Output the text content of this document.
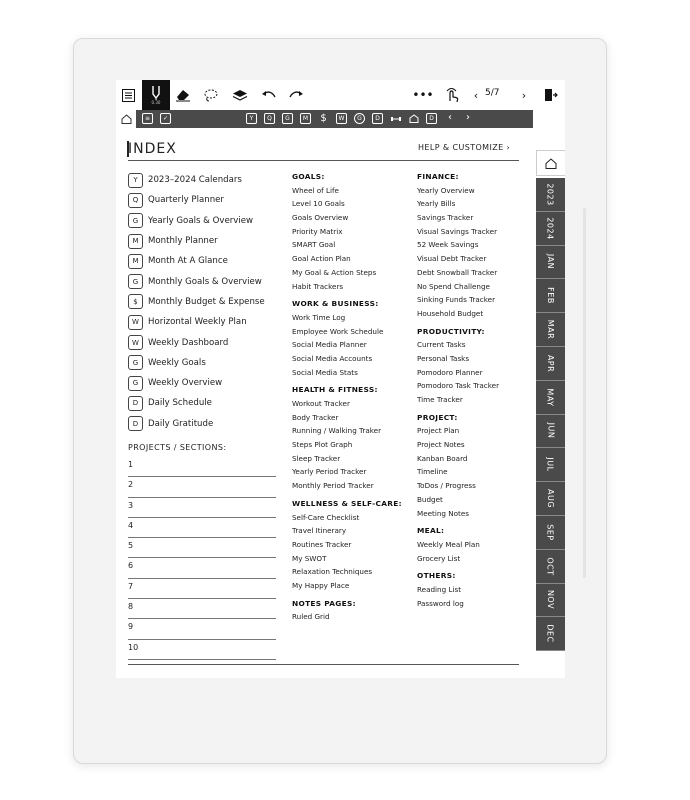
0.30
•••	‹ 5/7	›
≡	✓	Y	Q	G	M $	W	G	D	D	‹ ›
2023
2024
JAN
FEB
MAR
APR
MAY
JUN
JUL
AUG
SEP
OCT
NOV
DEC
INDEX	HELP & CUSTOMIZE ›
Y	2023–2024 Calendars
Q	Quarterly Planner
G	Yearly Goals & Overview
M	Monthly Planner
M	Month At A Glance
G	Monthly Goals & Overview
$	Monthly Budget & Expense
W	Horizontal Weekly Plan
W	Weekly Dashboard
G	Weekly Goals
G	Weekly Overview
D	Daily Schedule
D	Daily Gratitude
PROJECTS / SECTIONS:
1
2
3
4
5
6
7
8
9
10
GOALS:
Wheel of Life
Level 10 Goals
Goals Overview
Priority Matrix
SMART Goal
Goal Action Plan
My Goal & Action Steps
Habit Trackers
WORK & BUSINESS:
Work Time Log
Employee Work Schedule
Social Media Planner
Social Media Accounts
Social Media Stats
HEALTH & FITNESS:
Workout Tracker
Body Tracker
Running / Walking Traker
Steps Plot Graph
Sleep Tracker
Yearly Period Tracker
Monthly Period Tracker
WELLNESS & SELF-CARE:
Self-Care Checklist
Travel Itinerary
Routines Tracker
My SWOT
Relaxation Techniques
My Happy Place
NOTES PAGES:
Ruled Grid
FINANCE:
Yearly Overview
Yearly Bills
Savings Tracker
Visual Savings Tracker
52 Week Savings
Visual Debt Tracker
Debt Snowball Tracker
No Spend Challenge
Sinking Funds Tracker
Household Budget
PRODUCTIVITY:
Current Tasks
Personal Tasks
Pomodoro Planner
Pomodoro Task Tracker
Time Tracker
PROJECT:
Project Plan
Project Notes
Kanban Board
Timeline
ToDos / Progress
Budget
Meeting Notes
MEAL:
Weekly Meal Plan
Grocery List
OTHERS:
Reading List
Password log
